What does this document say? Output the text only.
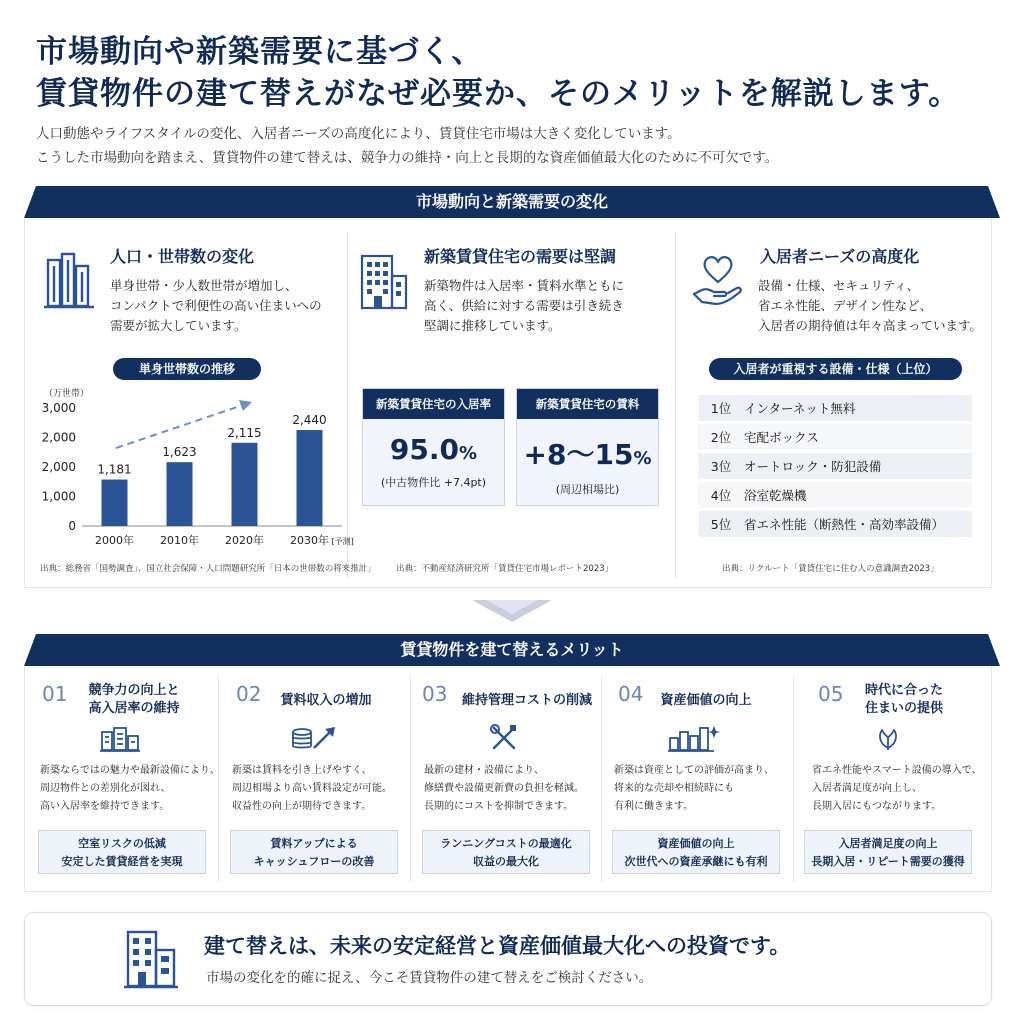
市場動向や新築需要に基づく、
賃貸物件の建て替えがなぜ必要か、そのメリットを解説します。
人口動態やライフスタイルの変化、入居者ニーズの高度化により、賃貸住宅市場は大きく変化しています。
こうした市場動向を踏まえ、賃貸物件の建て替えは、競争力の維持・向上と長期的な資産価値最大化のために不可欠です。
市場動向と新築需要の変化
人口・世帯数の変化
単身世帯・少人数世帯が増加し、
コンパクトで利便性の高い住まいへの
需要が拡大しています。
単身世帯数の推移
（万世帯）
0
1,000
2,000
2,000
3,000
1,181
1,623
2,115
2,440
2000年 2010年 2020年 2030年 [予測]
出典：総務省「国勢調査」、国立社会保障・人口問題研究所「日本の世帯数の将来推計」
新築賃貸住宅の需要は堅調
新築物件は入居率・賃料水準ともに
高く、供給に対する需要は引き続き
堅調に推移しています。
新築賃貸住宅の入居率
95.0%
(中古物件比 +7.4pt)
新築賃貸住宅の賃料
+8〜15%
(周辺相場比)
出典：不動産経済研究所「賃貸住宅市場レポート2023」
入居者ニーズの高度化
設備・仕様、セキュリティ、
省エネ性能、デザイン性など、
入居者の期待値は年々高まっています。
入居者が重視する設備・仕様（上位）
1位 インターネット無料
2位 宅配ボックス
3位 オートロック・防犯設備
4位 浴室乾燥機
5位 省エネ性能（断熱性・高効率設備）
出典：リクルート「賃貸住宅に住む人の意識調査2023」
賃貸物件を建て替えるメリット
01	競争力の向上と
高入居率の維持
新築ならではの魅力や最新設備により、
周辺物件との差別化が図れ、
高い入居率を維持できます。
空室リスクの低減
安定した賃貸経営を実現
02	賃料収入の増加
新築は賃料を引き上げやすく、
周辺相場より高い賃料設定が可能。
収益性の向上が期待できます。
賃料アップによる
キャッシュフローの改善
03	維持管理コストの削減
最新の建材・設備により、
修繕費や設備更新費の負担を軽減。
長期的にコストを抑制できます。
ランニングコストの最適化
収益の最大化
04	資産価値の向上
新築は資産としての評価が高まり、
将来的な売却や相続時にも
有利に働きます。
資産価値の向上
次世代への資産承継にも有利
05	時代に合った
住まいの提供
省エネ性能やスマート設備の導入で、
入居者満足度が向上し、
長期入居にもつながります。
入居者満足度の向上
長期入居・リピート需要の獲得
建て替えは、未来の安定経営と資産価値最大化への投資です。
市場の変化を的確に捉え、今こそ賃貸物件の建て替えをご検討ください。
